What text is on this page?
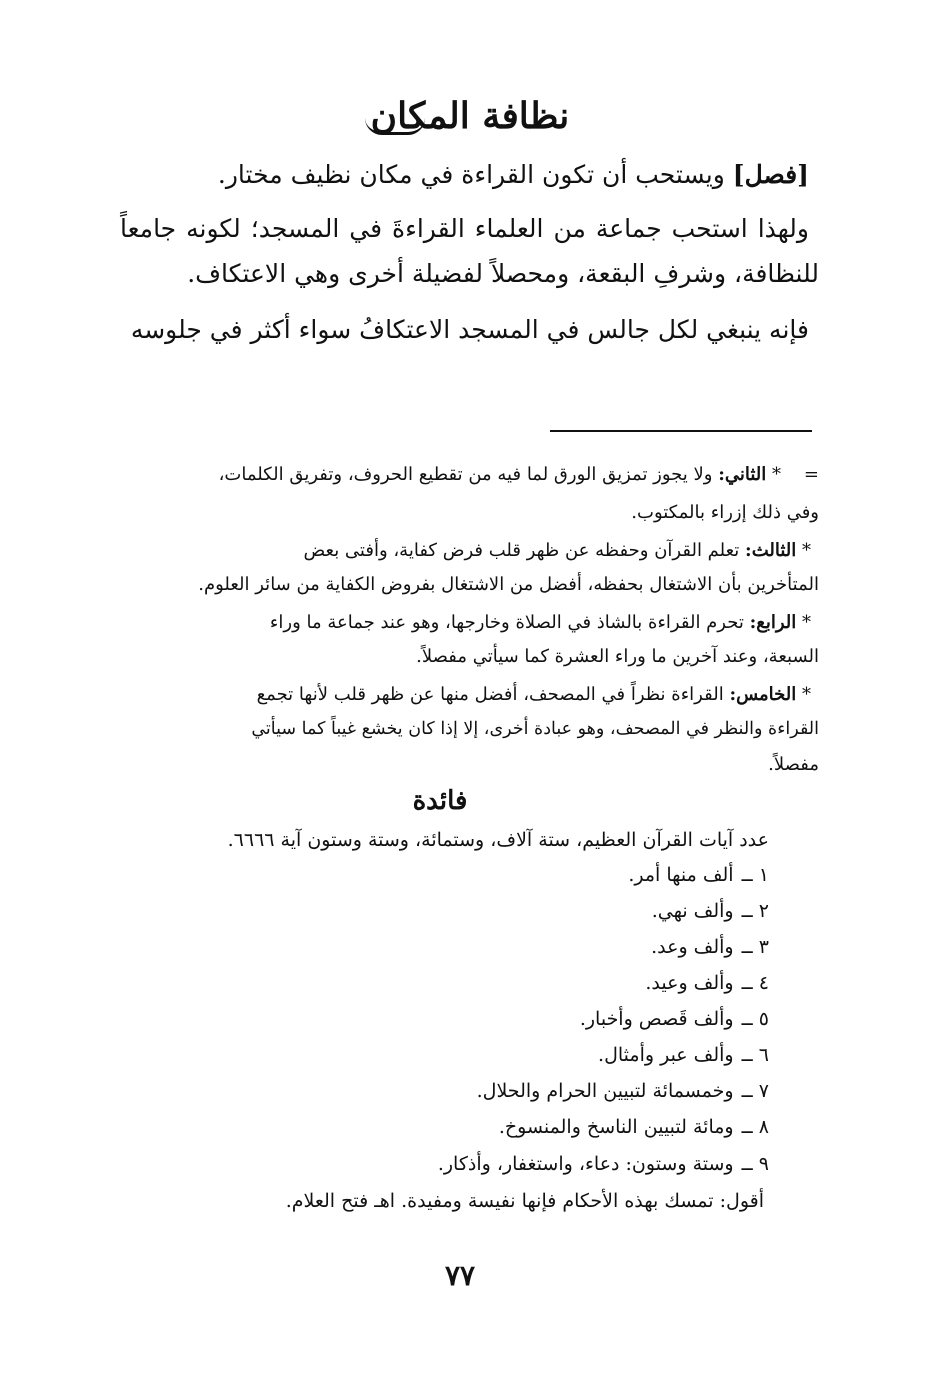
نظافة المكان
[فصل] ويستحب أن تكون القراءة في مكان نظيف مختار.
ولهذا استحب جماعة من العلماء القراءةَ في المسجد؛ لكونه جامعاً
للنظافة، وشرفِ البقعة، ومحصلاً لفضيلة أخرى وهي الاعتكاف.
فإنه ينبغي لكل جالس في المسجد الاعتكافُ سواء أكثر في جلوسه
=    * الثاني: ولا يجوز تمزيق الورق لما فيه من تقطيع الحروف، وتفريق الكلمات،
وفي ذلك إزراء بالمكتوب.
* الثالث: تعلم القرآن وحفظه عن ظهر قلب فرض كفاية، وأفتى بعض
المتأخرين بأن الاشتغال بحفظه، أفضل من الاشتغال بفروض الكفاية من سائر العلوم.
* الرابع: تحرم القراءة بالشاذ في الصلاة وخارجها، وهو عند جماعة ما وراء
السبعة، وعند آخرين ما وراء العشرة كما سيأتي مفصلاً.
* الخامس: القراءة نظراً في المصحف، أفضل منها عن ظهر قلب لأنها تجمع
القراءة والنظر في المصحف، وهو عبادة أخرى، إلا إذا كان يخشع غيباً كما سيأتي
مفصلاً.
فائدة
عدد آيات القرآن العظيم، ستة آلاف، وستمائة، وستة وستون آية ٦٦٦٦.
١ ــألف منها أمر.
٢ ــوألف نهي.
٣ ــوألف وعد.
٤ ــوألف وعيد.
٥ ــوألف قَصص وأخبار.
٦ ــوألف عبر وأمثال.
٧ ــوخمسمائة لتبيين الحرام والحلال.
٨ ــومائة لتبيين الناسخ والمنسوخ.
٩ ــوستة وستون: دعاء، واستغفار، وأذكار.
أقول: تمسك بهذه الأحكام فإنها نفيسة ومفيدة. اهـ فتح العلام.
٧٧
